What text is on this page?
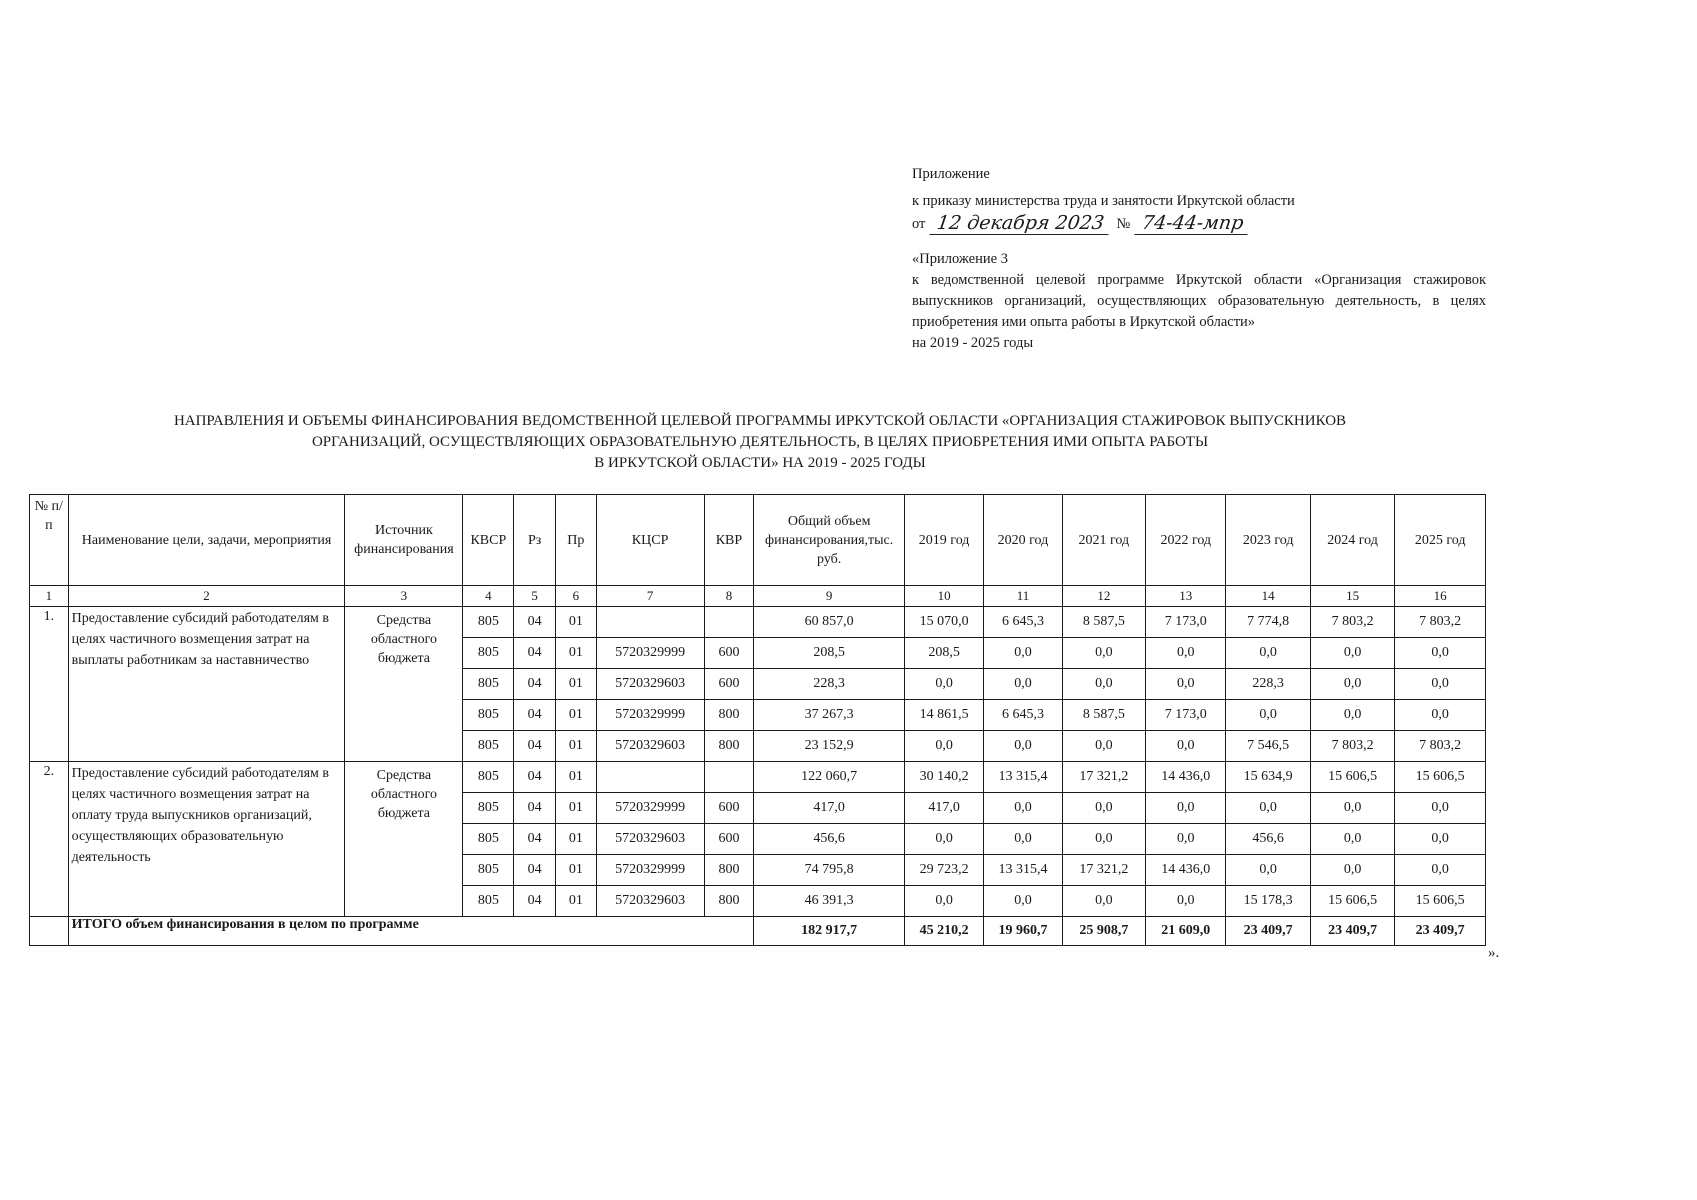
Приложение
к приказу министерства труда и занятости Иркутской области
от 12 декабря 2023 № 74-44-мпр
«Приложение 3
к ведомственной целевой программе Иркутской области «Организация стажировок выпускников организаций, осуществляющих образовательную деятельность, в целях приобретения ими опыта работы в Иркутской области»
на 2019 - 2025 годы
НАПРАВЛЕНИЯ И ОБЪЕМЫ ФИНАНСИРОВАНИЯ ВЕДОМСТВЕННОЙ ЦЕЛЕВОЙ ПРОГРАММЫ ИРКУТСКОЙ ОБЛАСТИ «ОРГАНИЗАЦИЯ СТАЖИРОВОК ВЫПУСКНИКОВ
ОРГАНИЗАЦИЙ, ОСУЩЕСТВЛЯЮЩИХ ОБРАЗОВАТЕЛЬНУЮ ДЕЯТЕЛЬНОСТЬ, В ЦЕЛЯХ ПРИОБРЕТЕНИЯ ИМИ ОПЫТА РАБОТЫ
В ИРКУТСКОЙ ОБЛАСТИ» НА 2019 - 2025 ГОДЫ
№ п/п	Наименование цели, задачи, мероприятия	Источник финансирования	КВСР	Рз	Пр	КЦСР	КВР	Общий объем финансирования,тыс. руб.	2019 год	2020 год	2021 год	2022 год	2023 год	2024 год	2025 год
1	2	3	4	5	6	7	8	9	10	11	12	13	14	15	16
1.	Предоставление субсидий работодателям в целях частичного возмещения затрат на выплаты работникам за наставничество	Средства областного бюджета	805	04	01			60 857,0	15 070,0	6 645,3	8 587,5	7 173,0	7 774,8	7 803,2	7 803,2
			805	04	01	5720329999	600	208,5	208,5	0,0	0,0	0,0	0,0	0,0	0,0
			805	04	01	5720329603	600	228,3	0,0	0,0	0,0	0,0	228,3	0,0	0,0
			805	04	01	5720329999	800	37 267,3	14 861,5	6 645,3	8 587,5	7 173,0	0,0	0,0	0,0
			805	04	01	5720329603	800	23 152,9	0,0	0,0	0,0	0,0	7 546,5	7 803,2	7 803,2
2.	Предоставление субсидий работодателям в целях частичного возмещения затрат на оплату труда выпускников организаций, осуществляющих образовательную деятельность	Средства областного бюджета	805	04	01			122 060,7	30 140,2	13 315,4	17 321,2	14 436,0	15 634,9	15 606,5	15 606,5
			805	04	01	5720329999	600	417,0	417,0	0,0	0,0	0,0	0,0	0,0	0,0
			805	04	01	5720329603	600	456,6	0,0	0,0	0,0	0,0	456,6	0,0	0,0
			805	04	01	5720329999	800	74 795,8	29 723,2	13 315,4	17 321,2	14 436,0	0,0	0,0	0,0
			805	04	01	5720329603	800	46 391,3	0,0	0,0	0,0	0,0	15 178,3	15 606,5	15 606,5
	ИТОГО объем финансирования в целом по программе							182 917,7	45 210,2	19 960,7	25 908,7	21 609,0	23 409,7	23 409,7	23 409,7
».
